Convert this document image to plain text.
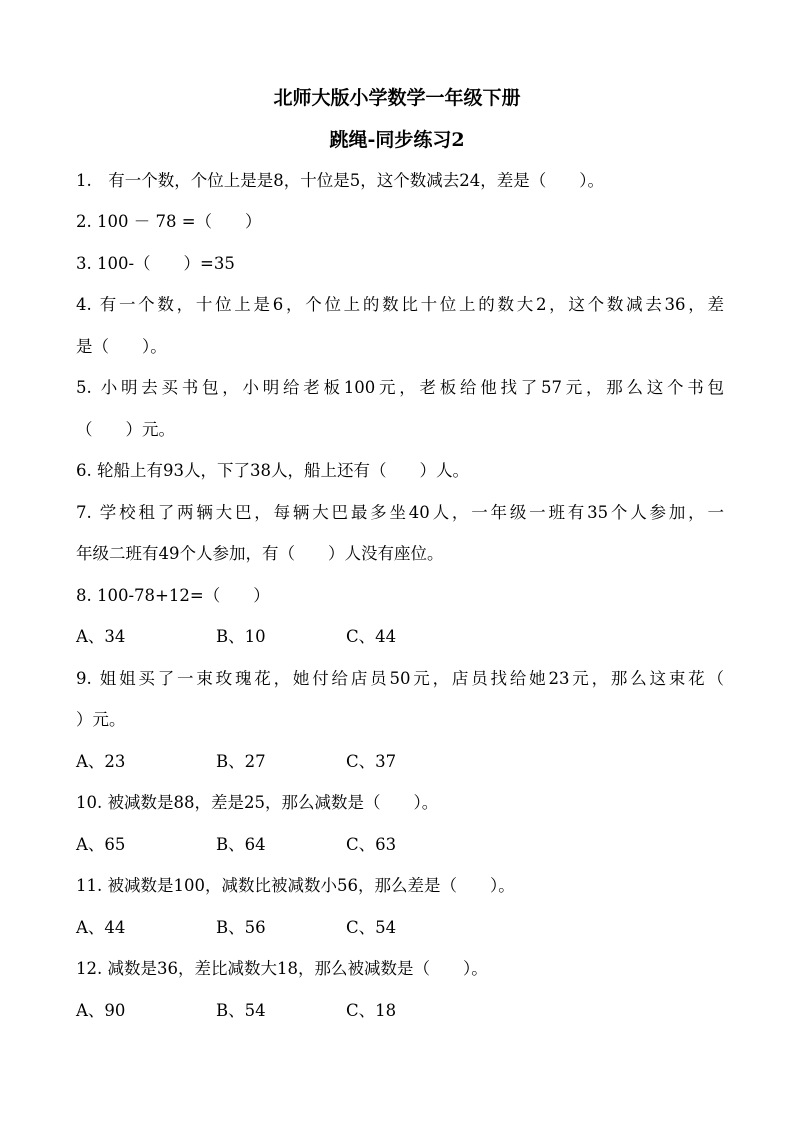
北师大版小学数学一年级下册
跳绳-同步练习2
1.　有一个数，个位上是是8，十位是5，这个数减去24，差是（　　）。
2. 100 － 78 =（　　）
3. 100-（　　）=35
4. 有一个数，十位上是6，个位上的数比十位上的数大2，这个数减去36，差
是（　　）。
5. 小明去买书包，小明给老板100元，老板给他找了57元，那么这个书包
（　　）元。
6. 轮船上有93人，下了38人，船上还有（　　）人。
7. 学校租了两辆大巴，每辆大巴最多坐40人，一年级一班有35个人参加，一
年级二班有49个人参加，有（　　）人没有座位。
8. 100-78+12=（　　）
A、34	B、10	C、44
9. 姐姐买了一束玫瑰花，她付给店员50元，店员找给她23元，那么这束花（
）元。
A、23	B、27	C、37
10. 被减数是88，差是25，那么减数是（　　）。
A、65	B、64	C、63
11. 被减数是100，减数比被减数小56，那么差是（　　）。
A、44	B、56	C、54
12. 减数是36，差比减数大18，那么被减数是（　　）。
A、90	B、54	C、18
